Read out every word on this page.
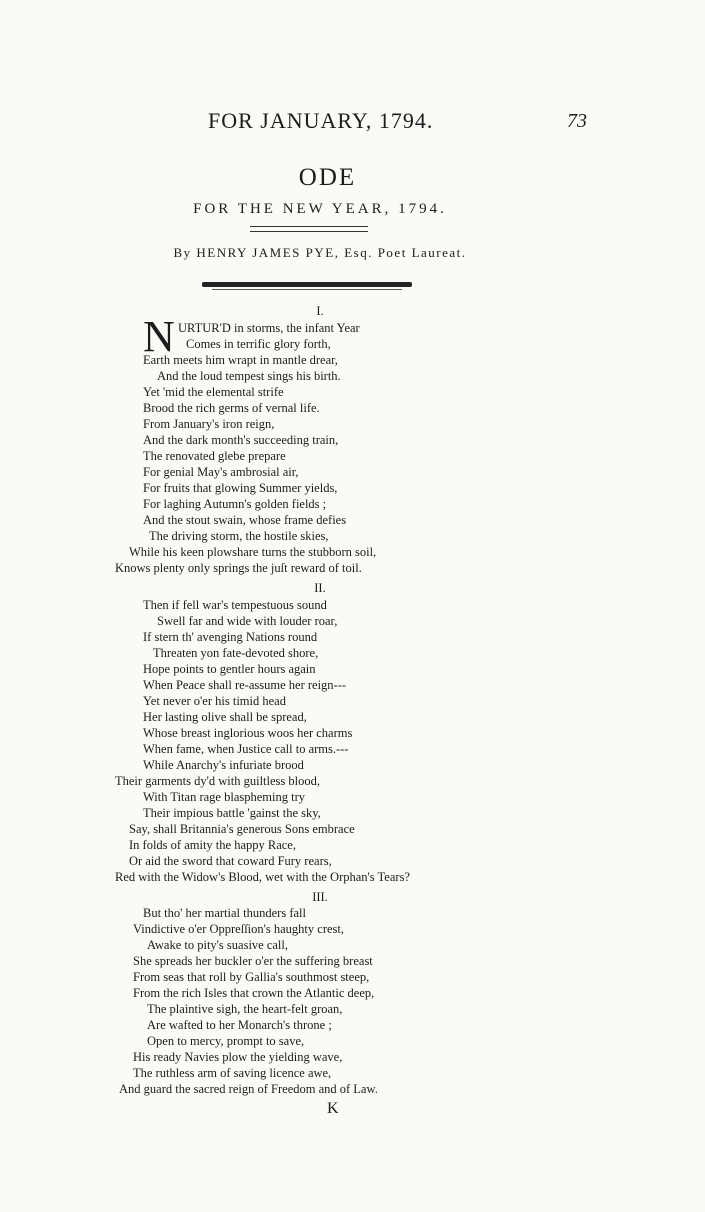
FOR JANUARY, 1794.	73
ODE
FOR THE NEW YEAR, 1794.
By HENRY JAMES PYE, Esq. Poet Laureat.
I.
N URTUR'D in storms, the infant Year
Comes in terrific glory forth,
Earth meets him wrapt in mantle drear,
And the loud tempest sings his birth.
Yet 'mid the elemental strife
Brood the rich germs of vernal life.
From January's iron reign,
And the dark month's succeeding train,
The renovated glebe prepare
For genial May's ambrosial air,
For fruits that glowing Summer yields,
For laghing Autumn's golden fields ;
And the stout swain, whose frame defies
The driving storm, the hostile skies,
While his keen plowshare turns the stubborn soil,
Knows plenty only springs the juſt reward of toil.
II.
Then if fell war's tempestuous sound
Swell far and wide with louder roar,
If stern th' avenging Nations round
Threaten yon fate-devoted shore,
Hope points to gentler hours again
When Peace shall re-assume her reign---
Yet never o'er his timid head
Her lasting olive shall be spread,
Whose breast inglorious woos her charms
When fame, when Justice call to arms.---
While Anarchy's infuriate brood
Their garments dy'd with guiltless blood,
With Titan rage blaspheming try
Their impious battle 'gainst the sky,
Say, shall Britannia's generous Sons embrace
In folds of amity the happy Race,
Or aid the sword that coward Fury rears,
Red with the Widow's Blood, wet with the Orphan's Tears?
III.
But tho' her martial thunders fall
Vindictive o'er Oppreſſion's haughty crest,
Awake to pity's suasive call,
She spreads her buckler o'er the suffering breast
From seas that roll by Gallia's southmost steep,
From the rich Isles that crown the Atlantic deep,
The plaintive sigh, the heart-felt groan,
Are wafted to her Monarch's throne ;
Open to mercy, prompt to save,
His ready Navies plow the yielding wave,
The ruthless arm of saving licence awe,
And guard the sacred reign of Freedom and of Law.
K
